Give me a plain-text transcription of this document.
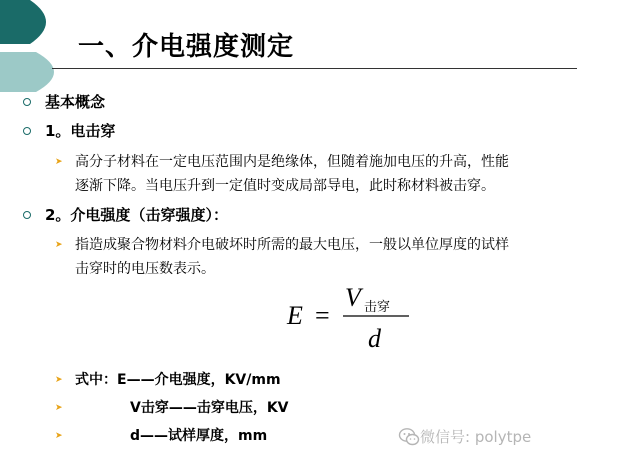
一、介电强度测定
基本概念
1。电击穿
➤ 高分子材料在一定电压范围内是绝缘体，但随着施加电压的升高，性能
逐渐下降。当电压升到一定值时变成局部导电，此时称材料被击穿。
2。介电强度（击穿强度）：
➤ 指造成聚合物材料介电破坏时所需的最大电压，一般以单位厚度的试样
击穿时的电压数表示。
E =
V 击穿
d
➤ 式中：E——介电强度，KV/mm
➤	V击穿——击穿电压，KV
➤	d——试样厚度，mm	微信号: polytpe
